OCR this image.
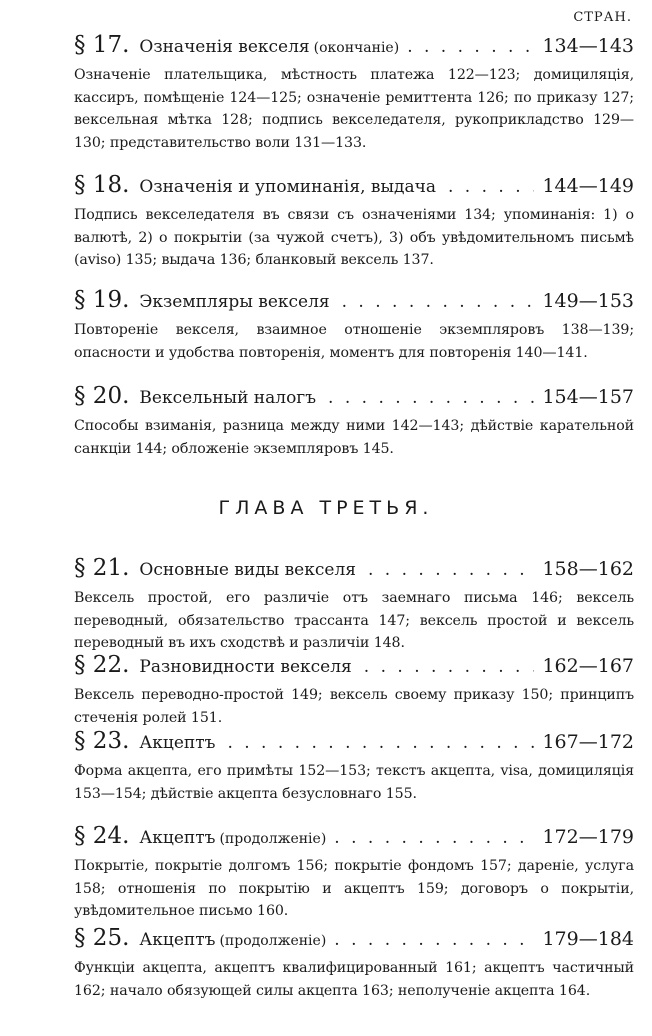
СТРАН.
§ 17. Означенія векселя (окончаніе) . . .	134—143
Означеніе плательщика, мѣстность платежа 122—123; домициляція, кассиръ, помѣщеніе 124—125; означеніе ремиттента 126; по приказу 127; вексельная мѣтка 128; подпись векселедателя, рукоприкладство 129—130; представительство воли 131—133.
§ 18. Означенія и упоминанія, выдача . . .	144—149
Подпись векселедателя въ связи съ означеніями 134; упоминанія: 1) о валютѣ, 2) о покрытіи (за чужой счетъ), 3) объ увѣдомительномъ письмѣ (aviso) 135; выдача 136; бланковый вексель 137.
§ 19. Экземпляры векселя . . .	149—153
Повтореніе векселя, взаимное отношеніе экземпляровъ 138—139; опасности и удобства повторенія, моментъ для повторенія 140—141.
§ 20. Вексельный налогъ . . .	154—157
Способы взиманія, разница между ними 142—143; дѣйствіе карательной санкціи 144; обложеніе экземпляровъ 145.
ГЛАВА ТРЕТЬЯ.
§ 21. Основные виды векселя . . .	158—162
Вексель простой, его различіе отъ заемнаго письма 146; вексель переводный, обязательство трассанта 147; вексель простой и вексель переводный въ ихъ сходствѣ и различіи 148.
§ 22. Разновидности векселя . . .	162—167
Вексель переводно-простой 149; вексель своему приказу 150; принципъ стеченія ролей 151.
§ 23. Акцептъ . . .	167—172
Форма акцепта, его примѣты 152—153; текстъ акцепта, visa, домициляція 153—154; дѣйствіе акцепта безусловнаго 155.
§ 24. Акцептъ (продолженіе) . . .	172—179
Покрытіе, покрытіе долгомъ 156; покрытіе фондомъ 157; дареніе, услуга 158; отношенія по покрытію и акцептъ 159; договоръ о покрытіи, увѣдомительное письмо 160.
§ 25. Акцептъ (продолженіе) . . .	179—184
Функціи акцепта, акцептъ квалифицированный 161; акцептъ частичный 162; начало обязующей силы акцепта 163; неполученіе акцепта 164.
